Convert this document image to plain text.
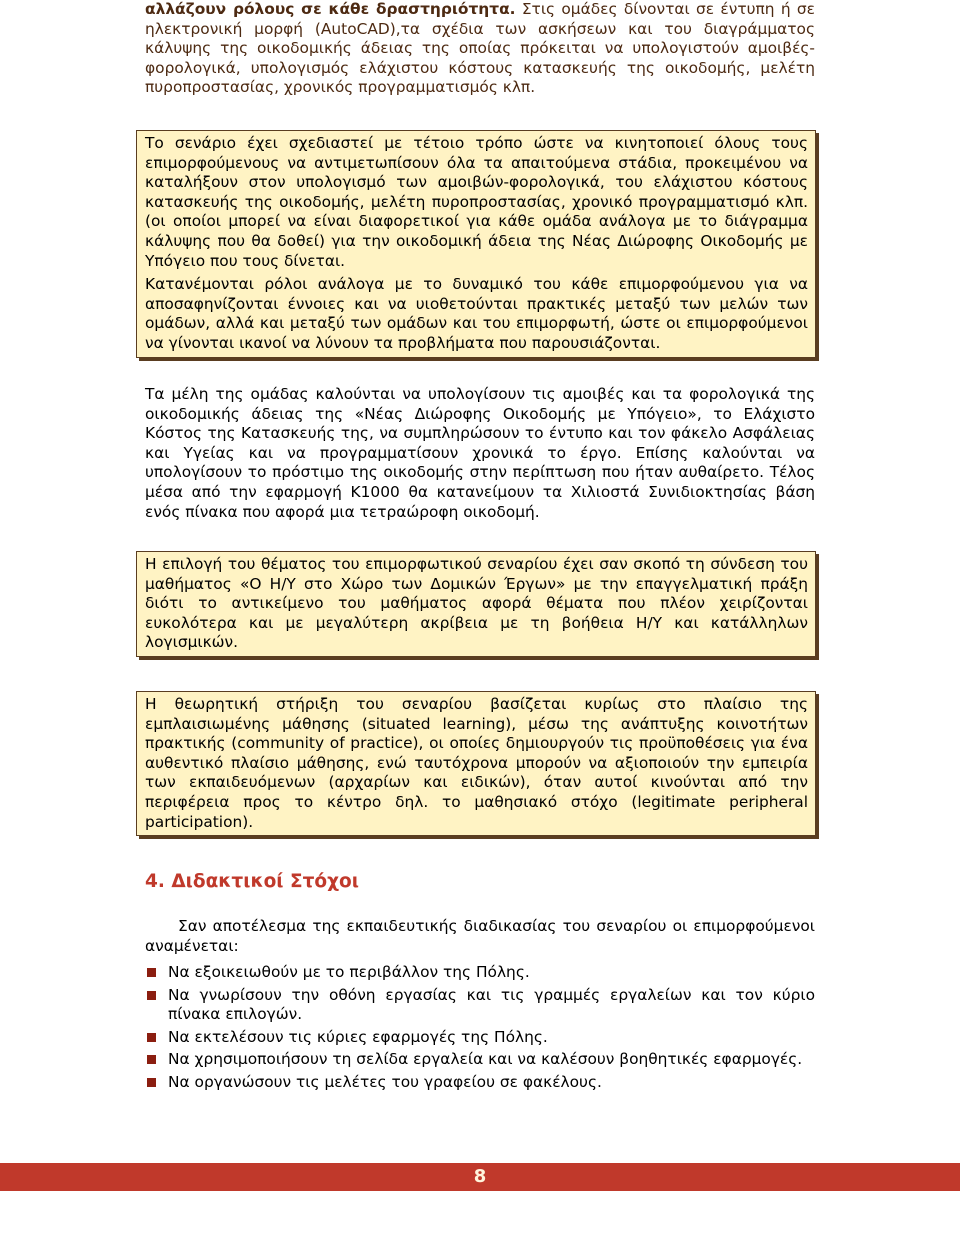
αλλάζουν ρόλους σε κάθε δραστηριότητα. Στις ομάδες δίνονται σε έντυπη ή σε ηλεκτρονική μορφή (AutoCAD),τα σχέδια των ασκήσεων και του διαγράμματος κάλυψης της οικοδομικής άδειας της οποίας πρόκειται να υπολογιστούν αμοιβές-φορολογικά, υπολογισμός ελάχιστου κόστους κατασκευής της οικοδομής, μελέτη πυροπροστασίας, χρονικός προγραμματισμός κλπ.

Το σενάριο έχει σχεδιαστεί με τέτοιο τρόπο ώστε να κινητοποιεί όλους τους επιμορφούμενους να αντιμετωπίσουν όλα τα απαιτούμενα στάδια, προκειμένου να καταλήξουν στον υπολογισμό των αμοιβών-φορολογικά, του ελάχιστου κόστους κατασκευής της οικοδομής, μελέτη πυροπροστασίας, χρονικό προγραμματισμό κλπ. (οι οποίοι μπορεί να είναι διαφορετικοί για κάθε ομάδα ανάλογα με το διάγραμμα κάλυψης που θα δοθεί) για την οικοδομική άδεια της Νέας Διώροφης Οικοδομής με Υπόγειο που τους δίνεται.

Κατανέμονται ρόλοι ανάλογα με το δυναμικό του κάθε επιμορφούμενου για να αποσαφηνίζονται έννοιες και να υιοθετούνται πρακτικές μεταξύ των μελών των ομάδων, αλλά και μεταξύ των ομάδων και του επιμορφωτή, ώστε οι επιμορφούμενοι να γίνονται ικανοί να λύνουν τα προβλήματα που παρουσιάζονται.

Τα μέλη της ομάδας καλούνται να υπολογίσουν τις αμοιβές και τα φορολογικά της οικοδομικής άδειας της «Νέας Διώροφης Οικοδομής με Υπόγειο», το Ελάχιστο Κόστος της Κατασκευής της, να συμπληρώσουν το έντυπο και τον φάκελο Ασφάλειας και Υγείας και να προγραμματίσουν χρονικά το έργο. Επίσης καλούνται να υπολογίσουν το πρόστιμο της οικοδομής στην περίπτωση που ήταν αυθαίρετο. Τέλος μέσα από την εφαρμογή Κ1000 θα κατανείμουν τα Χιλιοστά Συνιδιοκτησίας βάση ενός πίνακα που αφορά μια τετραώροφη οικοδομή.

Η επιλογή του θέματος του επιμορφωτικού σεναρίου έχει σαν σκοπό τη σύνδεση του μαθήματος «Ο Η/Υ στο Χώρο των Δομικών Έργων» με την επαγγελματική πράξη διότι το αντικείμενο του μαθήματος αφορά θέματα που πλέον χειρίζονται ευκολότερα και με μεγαλύτερη ακρίβεια με τη βοήθεια Η/Υ και κατάλληλων λογισμικών.

Η θεωρητική στήριξη του σεναρίου βασίζεται κυρίως στο πλαίσιο της εμπλαισιωμένης μάθησης (situated learning), μέσω της ανάπτυξης κοινοτήτων πρακτικής (community of practice), οι οποίες δημιουργούν τις προϋποθέσεις για ένα αυθεντικό πλαίσιο μάθησης, ενώ ταυτόχρονα μπορούν να αξιοποιούν την εμπειρία των εκπαιδευόμενων (αρχαρίων και ειδικών), όταν αυτοί κινούνται από την περιφέρεια προς το κέντρο δηλ. το μαθησιακό στόχο (legitimate peripheral participation).

4. Διδακτικοί Στόχοι

Σαν αποτέλεσμα της εκπαιδευτικής διαδικασίας του σεναρίου οι επιμορφούμενοι αναμένεται:

Να εξοικειωθούν με το περιβάλλον της Πόλης.
Να γνωρίσουν την οθόνη εργασίας και τις γραμμές εργαλείων και τον κύριο πίνακα επιλογών.
Να εκτελέσουν τις κύριες εφαρμογές της Πόλης.
Να χρησιμοποιήσουν τη σελίδα εργαλεία και να καλέσουν βοηθητικές εφαρμογές.
Να οργανώσουν τις μελέτες του γραφείου σε φακέλους.
8
